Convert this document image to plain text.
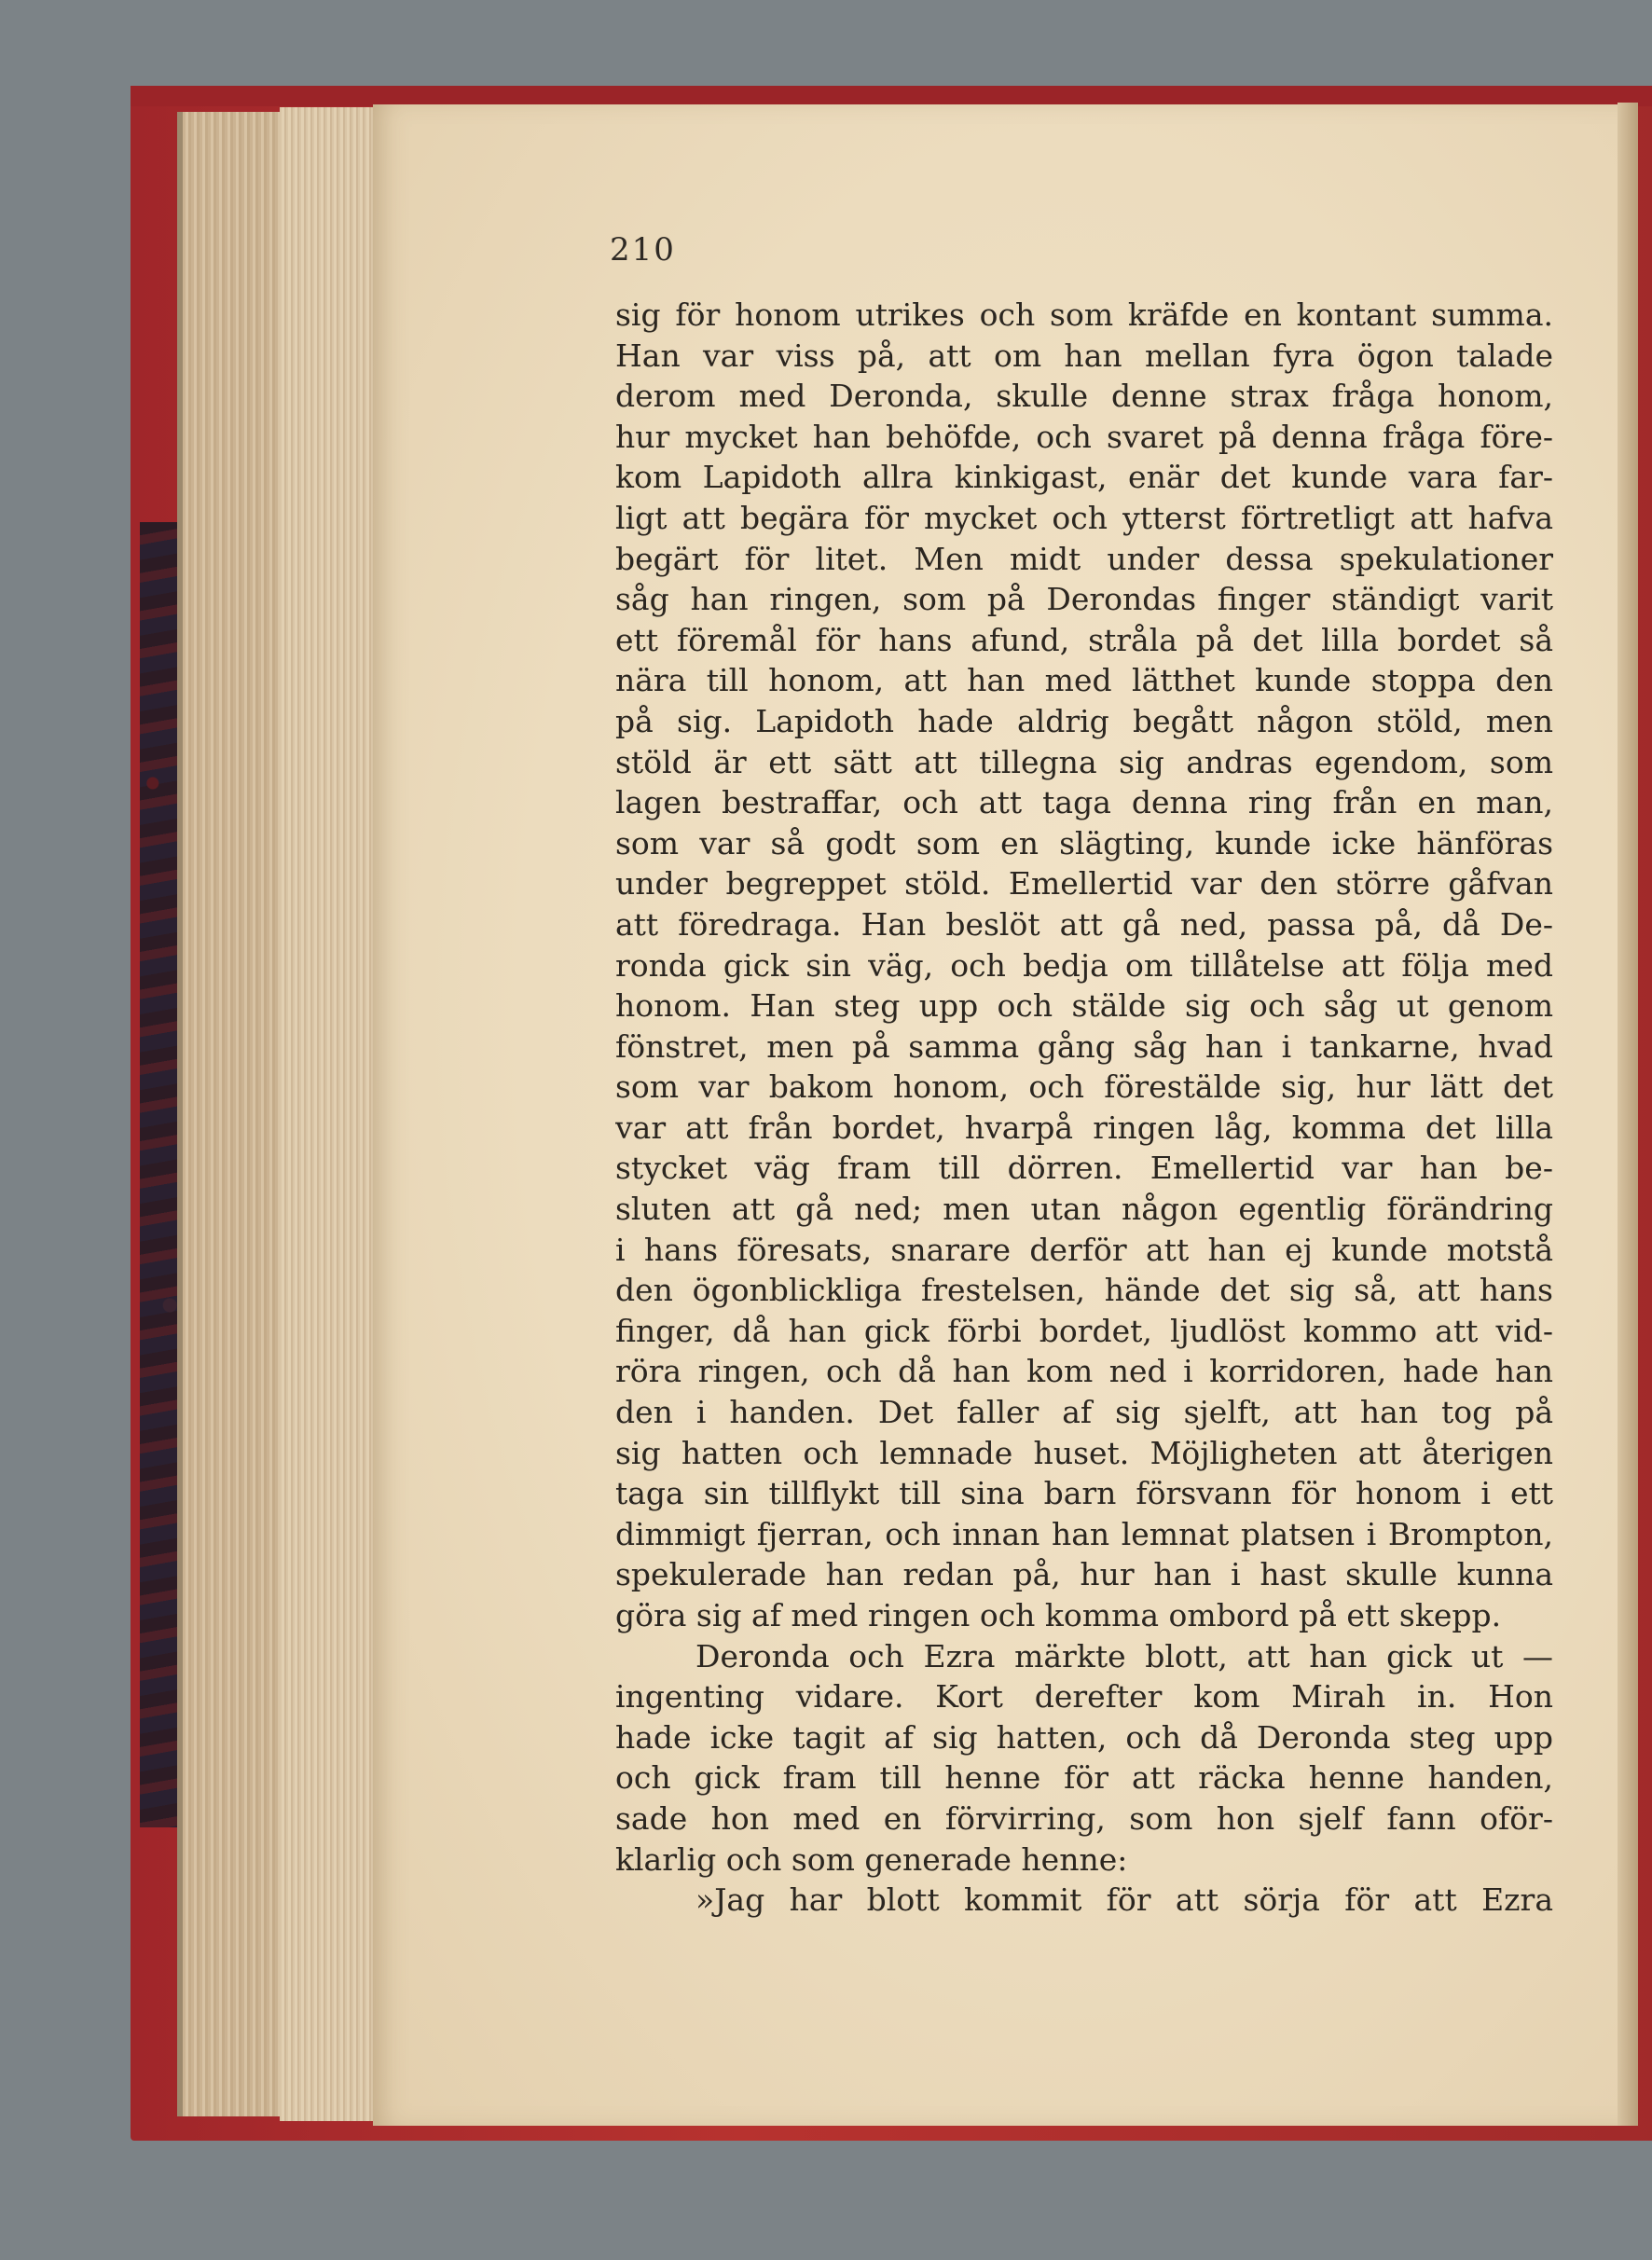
210
sig för honom utrikes och som kräfde en kontant summa.
Han var viss på, att om han mellan fyra ögon talade
derom med Deronda, skulle denne strax fråga honom,
hur mycket han behöfde, och svaret på denna fråga före-
kom Lapidoth allra kinkigast, enär det kunde vara far-
ligt att begära för mycket och ytterst förtretligt att hafva
begärt för litet. Men midt under dessa spekulationer
såg han ringen, som på Derondas finger ständigt varit
ett föremål för hans afund, stråla på det lilla bordet så
nära till honom, att han med lätthet kunde stoppa den
på sig. Lapidoth hade aldrig begått någon stöld, men
stöld är ett sätt att tillegna sig andras egendom, som
lagen bestraffar, och att taga denna ring från en man,
som var så godt som en slägting, kunde icke hänföras
under begreppet stöld. Emellertid var den större gåfvan
att föredraga. Han beslöt att gå ned, passa på, då De-
ronda gick sin väg, och bedja om tillåtelse att följa med
honom. Han steg upp och stälde sig och såg ut genom
fönstret, men på samma gång såg han i tankarne, hvad
som var bakom honom, och förestälde sig, hur lätt det
var att från bordet, hvarpå ringen låg, komma det lilla
stycket väg fram till dörren. Emellertid var han be-
sluten att gå ned; men utan någon egentlig förändring
i hans föresats, snarare derför att han ej kunde motstå
den ögonblickliga frestelsen, hände det sig så, att hans
finger, då han gick förbi bordet, ljudlöst kommo att vid-
röra ringen, och då han kom ned i korridoren, hade han
den i handen. Det faller af sig sjelft, att han tog på
sig hatten och lemnade huset. Möjligheten att återigen
taga sin tillflykt till sina barn försvann för honom i ett
dimmigt fjerran, och innan han lemnat platsen i Brompton,
spekulerade han redan på, hur han i hast skulle kunna
göra sig af med ringen och komma ombord på ett skepp.
Deronda och Ezra märkte blott, att han gick ut —
ingenting vidare. Kort derefter kom Mirah in. Hon
hade icke tagit af sig hatten, och då Deronda steg upp
och gick fram till henne för att räcka henne handen,
sade hon med en förvirring, som hon sjelf fann oför-
klarlig och som generade henne:
»Jag har blott kommit för att sörja för att Ezra
